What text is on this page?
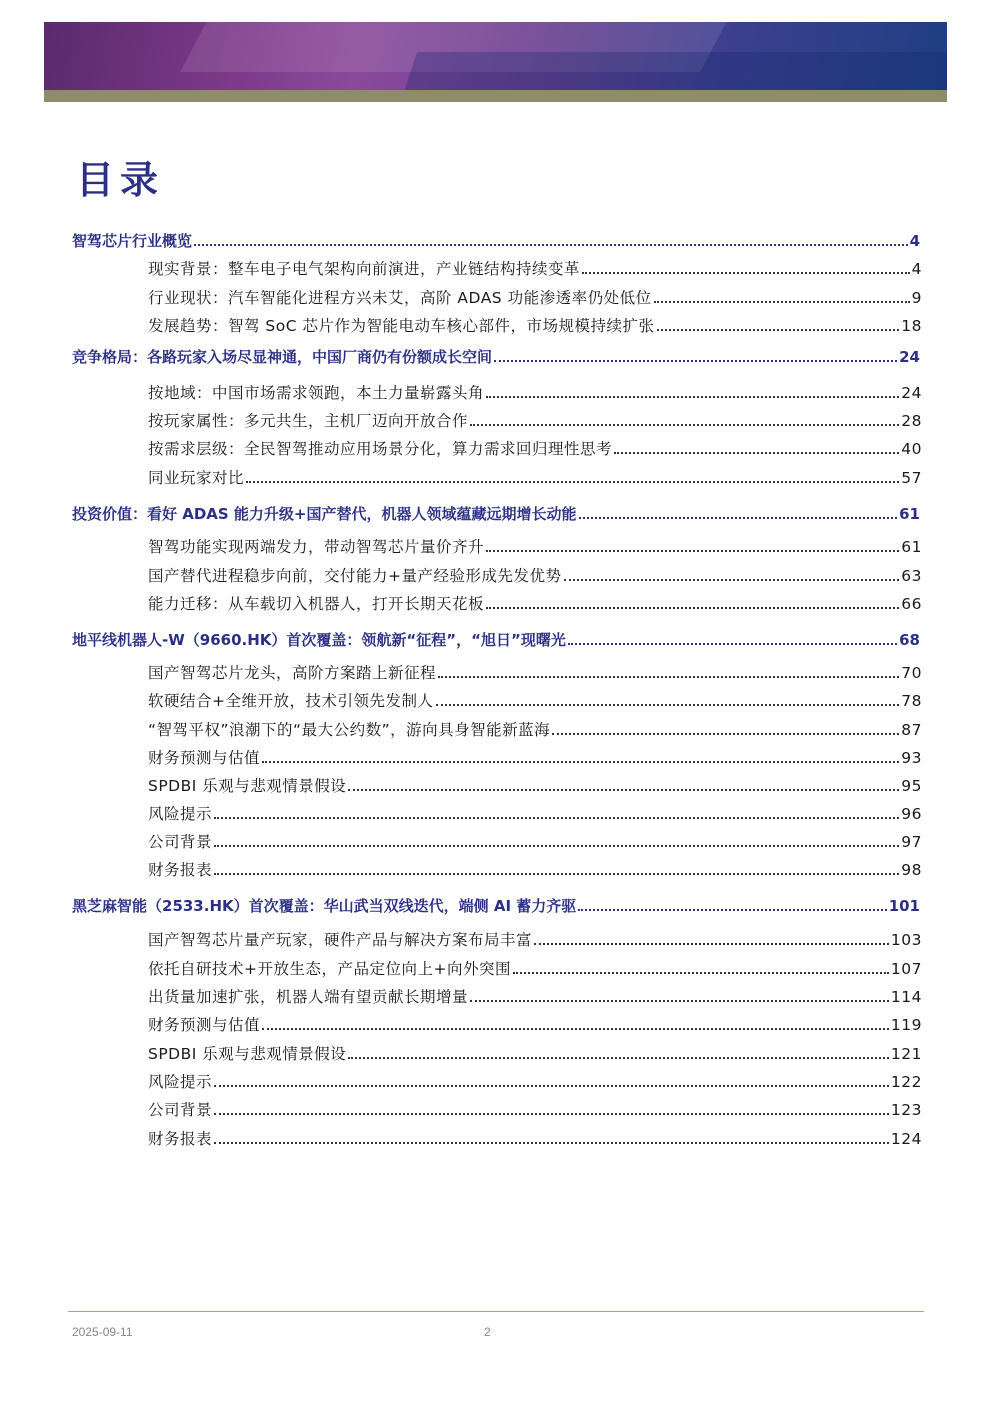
目录
智驾芯片行业概览	4
现实背景：整车电子电气架构向前演进，产业链结构持续变革	4
行业现状：汽车智能化进程方兴未艾，高阶 ADAS 功能渗透率仍处低位	9
发展趋势：智驾 SoC 芯片作为智能电动车核心部件，市场规模持续扩张	18
竞争格局：各路玩家入场尽显神通，中国厂商仍有份额成长空间	24
按地域：中国市场需求领跑，本土力量崭露头角	24
按玩家属性：多元共生，主机厂迈向开放合作	28
按需求层级：全民智驾推动应用场景分化，算力需求回归理性思考	40
同业玩家对比	57
投资价值：看好 ADAS 能力升级+国产替代，机器人领域蕴藏远期增长动能	61
智驾功能实现两端发力，带动智驾芯片量价齐升	61
国产替代进程稳步向前，交付能力+量产经验形成先发优势	63
能力迁移：从车载切入机器人，打开长期天花板	66
地平线机器人-W（9660.HK）首次覆盖：领航新“征程”，“旭日”现曙光	68
国产智驾芯片龙头，高阶方案踏上新征程	70
软硬结合+全维开放，技术引领先发制人	78
“智驾平权”浪潮下的“最大公约数”，游向具身智能新蓝海	87
财务预测与估值	93
SPDBI 乐观与悲观情景假设	95
风险提示	96
公司背景	97
财务报表	98
黑芝麻智能（2533.HK）首次覆盖：华山武当双线迭代，端侧 AI 蓄力齐驱	101
国产智驾芯片量产玩家，硬件产品与解决方案布局丰富	103
依托自研技术+开放生态，产品定位向上+向外突围	107
出货量加速扩张，机器人端有望贡献长期增量	114
财务预测与估值	119
SPDBI 乐观与悲观情景假设	121
风险提示	122
公司背景	123
财务报表	124
2025-09-11	2
